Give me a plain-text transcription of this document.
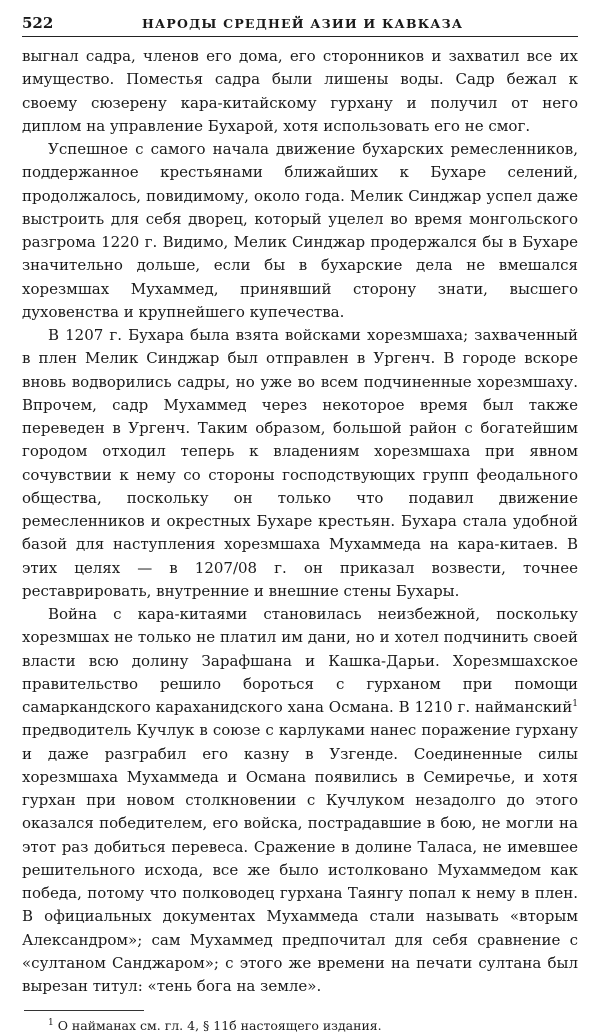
522	НАРОДЫ СРЕДНЕЙ АЗИИ И КАВКАЗА

выгнал садра, членов его дома, его сторонников и захватил все их имущество. Поместья садра были лишены воды. Садр бежал к своему сюзерену кара-китайскому гурхану и получил от него диплом на управление Бухарой, хотя использовать его не смог.

Успешное с самого начала движение бухарских ремесленников, поддержанное крестьянами ближайших к Бухаре селений, продолжалось, повидимому, около года. Мелик Синджар успел даже выстроить для себя дворец, который уцелел во время монгольского разгрома 1220 г. Видимо, Мелик Синджар продержался бы в Бухаре значительно дольше, если бы в бухарские дела не вмешался хорезмшах Мухаммед, принявший сторону знати, высшего духовенства и крупнейшего купечества.

В 1207 г. Бухара была взята войсками хорезмшаха; захваченный в плен Мелик Синджар был отправлен в Ургенч. В городе вскоре вновь водворились садры, но уже во всем подчиненные хорезмшаху. Впрочем, садр Мухаммед через некоторое время был также переведен в Ургенч. Таким образом, большой район с богатейшим городом отходил теперь к владениям хорезмшаха при явном сочувствии к нему со стороны господствующих групп феодального общества, поскольку он только что подавил движение ремесленников и окрестных Бухаре крестьян. Бухара стала удобной базой для наступления хорезмшаха Мухаммеда на кара-китаев. В этих целях — в 1207/08 г. он приказал возвести, точнее реставрировать, внутренние и внешние стены Бухары.

Война с кара-китаями становилась неизбежной, поскольку хорезмшах не только не платил им дани, но и хотел подчинить своей власти всю долину Зарафшана и Кашка-Дарьи. Хорезмшахское правительство решило бороться с гурханом при помощи самаркандского караханидского хана Османа. В 1210 г. найманский$^1$ предводитель Кучлук в союзе с карлуками нанес поражение гурхану и даже разграбил его казну в Узгенде. Соединенные силы хорезмшаха Мухаммеда и Османа появились в Семиречье, и хотя гурхан при новом столкновении с Кучлуком незадолго до этого оказался победителем, его войска, пострадавшие в бою, не могли на этот раз добиться перевеса. Сражение в долине Таласа, не имевшее решительного исхода, все же было истолковано Мухаммедом как победа, потому что полководец гурхана Таянгу попал к нему в плен. В официальных документах Мухаммеда стали называть «вторым Александром»; сам Мухаммед предпочитал для себя сравнение с «султаном Санджаром»; с этого же времени на печати султана был вырезан титул: «тень бога на земле».

$^1$ О найманах см. гл. 4, § 11б настоящего издания.
